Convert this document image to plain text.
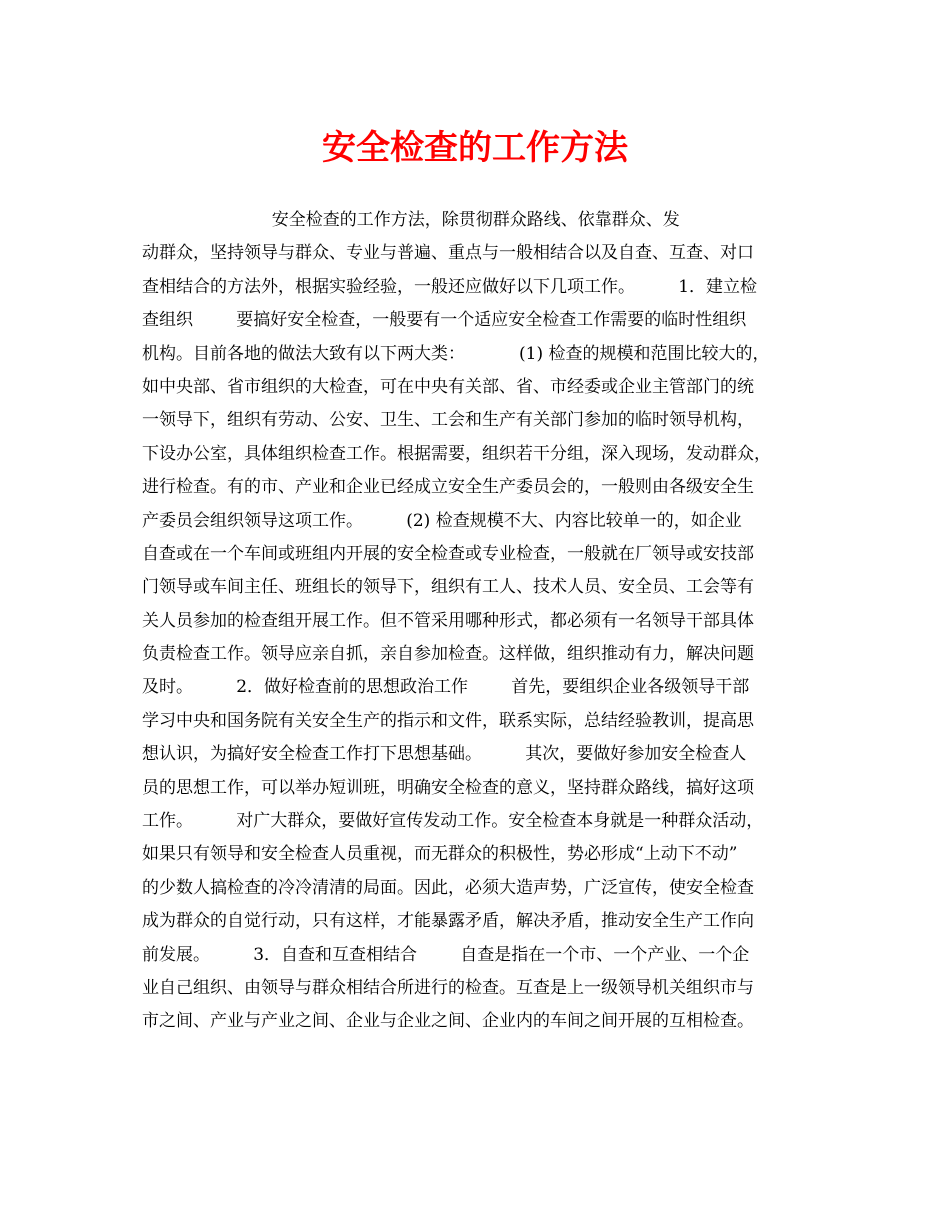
安全检查的工作方法
安全检查的工作方法，除贯彻群众路线、依靠群众、发
动群众，坚持领导与群众、专业与普遍、重点与一般相结合以及自查、互查、对口
查相结合的方法外，根据实验经验，一般还应做好以下几项工作。        1．建立检
查组织        要搞好安全检查，一般要有一个适应安全检查工作需要的临时性组织
机构。目前各地的做法大致有以下两大类：          (1) 检查的规模和范围比较大的，
如中央部、省市组织的大检查，可在中央有关部、省、市经委或企业主管部门的统
一领导下，组织有劳动、公安、卫生、工会和生产有关部门参加的临时领导机构，
下设办公室，具体组织检查工作。根据需要，组织若干分组，深入现场，发动群众，
进行检查。有的市、产业和企业已经成立安全生产委员会的，一般则由各级安全生
产委员会组织领导这项工作。        (2) 检查规模不大、内容比较单一的，如企业
自查或在一个车间或班组内开展的安全检查或专业检查，一般就在厂领导或安技部
门领导或车间主任、班组长的领导下，组织有工人、技术人员、安全员、工会等有
关人员参加的检查组开展工作。但不管采用哪种形式，都必须有一名领导干部具体
负责检查工作。领导应亲自抓，亲自参加检查。这样做，组织推动有力，解决问题
及时。        2．做好检查前的思想政治工作        首先，要组织企业各级领导干部
学习中央和国务院有关安全生产的指示和文件，联系实际，总结经验教训，提高思
想认识，为搞好安全检查工作打下思想基础。        其次，要做好参加安全检查人
员的思想工作，可以举办短训班，明确安全检查的意义，坚持群众路线，搞好这项
工作。        对广大群众，要做好宣传发动工作。安全检查本身就是一种群众活动，
如果只有领导和安全检查人员重视，而无群众的积极性，势必形成“上动下不动”
的少数人搞检查的冷冷清清的局面。因此，必须大造声势，广泛宣传，使安全检查
成为群众的自觉行动，只有这样，才能暴露矛盾，解决矛盾，推动安全生产工作向
前发展。        3．自查和互查相结合        自查是指在一个市、一个产业、一个企
业自己组织、由领导与群众相结合所进行的检查。互查是上一级领导机关组织市与
市之间、产业与产业之间、企业与企业之间、企业内的车间之间开展的互相检查。
